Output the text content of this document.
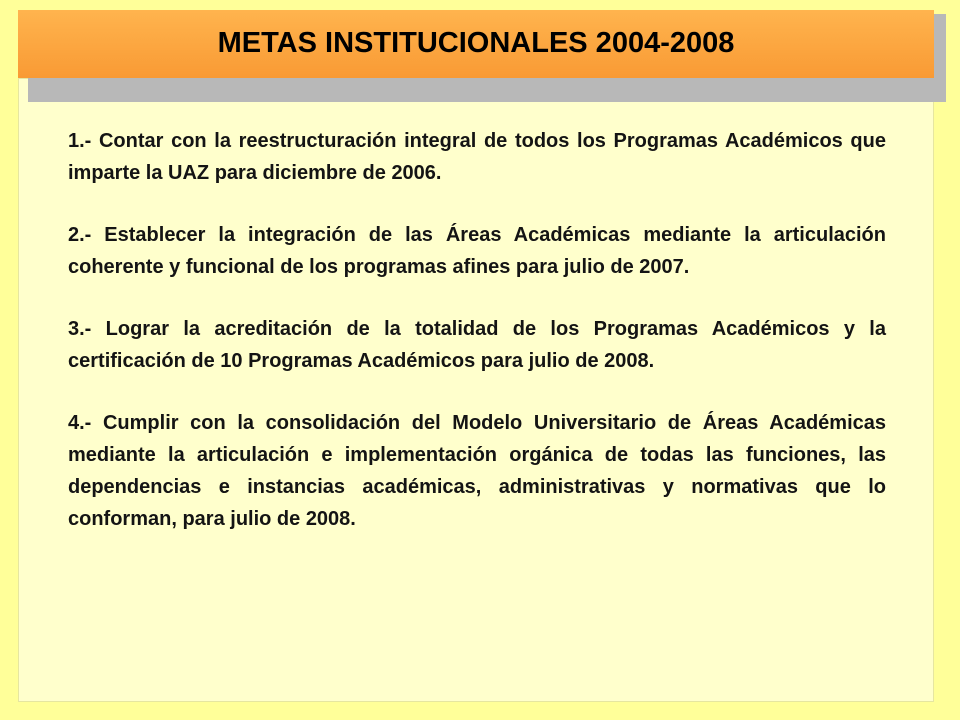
METAS INSTITUCIONALES 2004-2008

1.- Contar con la reestructuración integral de todos los Programas Académicos que imparte la UAZ para diciembre de 2006.

2.- Establecer la integración de las Áreas Académicas mediante la articulación coherente y funcional de los programas afines para julio de 2007.

3.- Lograr la acreditación de la totalidad de los Programas Académicos y la certificación de 10 Programas Académicos para julio de 2008.

4.- Cumplir con la consolidación del Modelo Universitario de Áreas Académicas mediante la articulación e implementación orgánica de todas las funciones, las dependencias e instancias académicas, administrativas y normativas que lo conforman, para julio de 2008.
